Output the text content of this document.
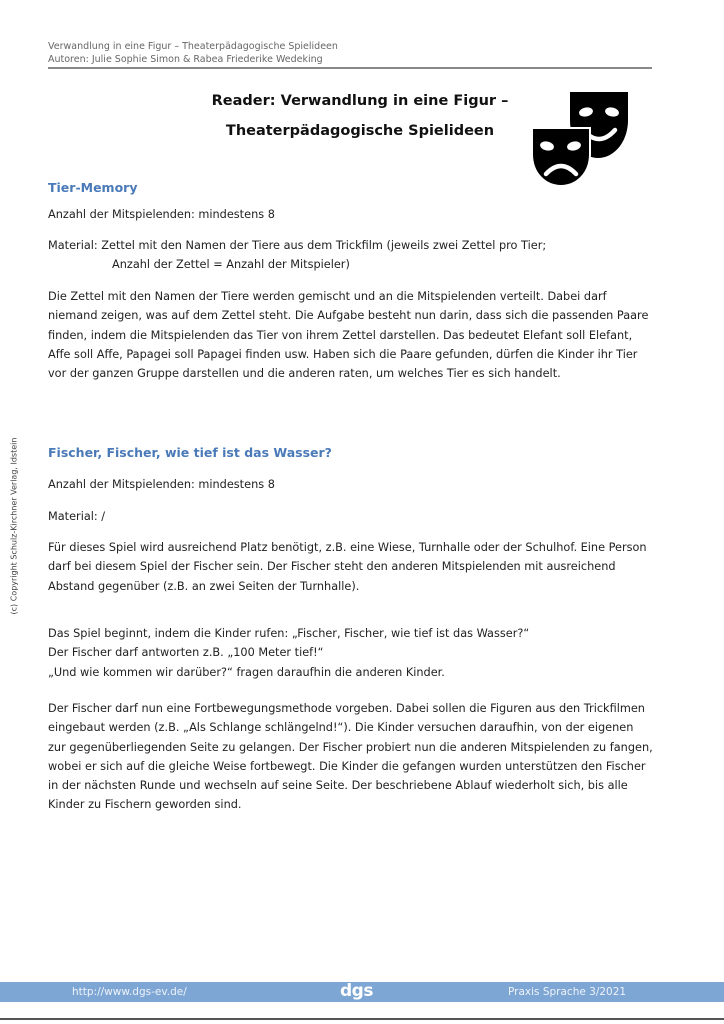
Verwandlung in eine Figur – Theaterpädagogische Spielideen
Autoren: Julie Sophie Simon & Rabea Friederike Wedeking
Reader: Verwandlung in eine Figur –
Theaterpädagogische Spielideen
Tier-Memory

Anzahl der Mitspielenden: mindestens 8

Material: Zettel mit den Namen der Tiere aus dem Trickfilm (jeweils zwei Zettel pro Tier;
Anzahl der Zettel = Anzahl der Mitspieler)

Die Zettel mit den Namen der Tiere werden gemischt und an die Mitspielenden verteilt. Dabei darf niemand zeigen, was auf dem Zettel steht. Die Aufgabe besteht nun darin, dass sich die passenden Paare finden, indem die Mitspielenden das Tier von ihrem Zettel darstellen. Das bedeutet Elefant soll Elefant, Affe soll Affe, Papagei soll Papagei finden usw. Haben sich die Paare gefunden, dürfen die Kinder ihr Tier vor der ganzen Gruppe darstellen und die anderen raten, um welches Tier es sich handelt.

Fischer, Fischer, wie tief ist das Wasser?

Anzahl der Mitspielenden: mindestens 8

Material: /

Für dieses Spiel wird ausreichend Platz benötigt, z.B. eine Wiese, Turnhalle oder der Schulhof. Eine Person darf bei diesem Spiel der Fischer sein. Der Fischer steht den anderen Mitspielenden mit ausreichend Abstand gegenüber (z.B. an zwei Seiten der Turnhalle).

Das Spiel beginnt, indem die Kinder rufen: „Fischer, Fischer, wie tief ist das Wasser?“
Der Fischer darf antworten z.B. „100 Meter tief!“
„Und wie kommen wir darüber?“ fragen daraufhin die anderen Kinder.

Der Fischer darf nun eine Fortbewegungsmethode vorgeben. Dabei sollen die Figuren aus den Trickfilmen eingebaut werden (z.B. „Als Schlange schlängelnd!“). Die Kinder versuchen daraufhin, von der eigenen zur gegenüberliegenden Seite zu gelangen. Der Fischer probiert nun die anderen Mitspielenden zu fangen, wobei er sich auf die gleiche Weise fortbewegt. Die Kinder die gefangen wurden unterstützen den Fischer in der nächsten Runde und wechseln auf seine Seite. Der beschriebene Ablauf wiederholt sich, bis alle Kinder zu Fischern geworden sind.

(c) Copyright Schulz-Kirchner Verlag, Idstein
http://www.dgs-ev.de/	dgs	Praxis Sprache 3/2021
